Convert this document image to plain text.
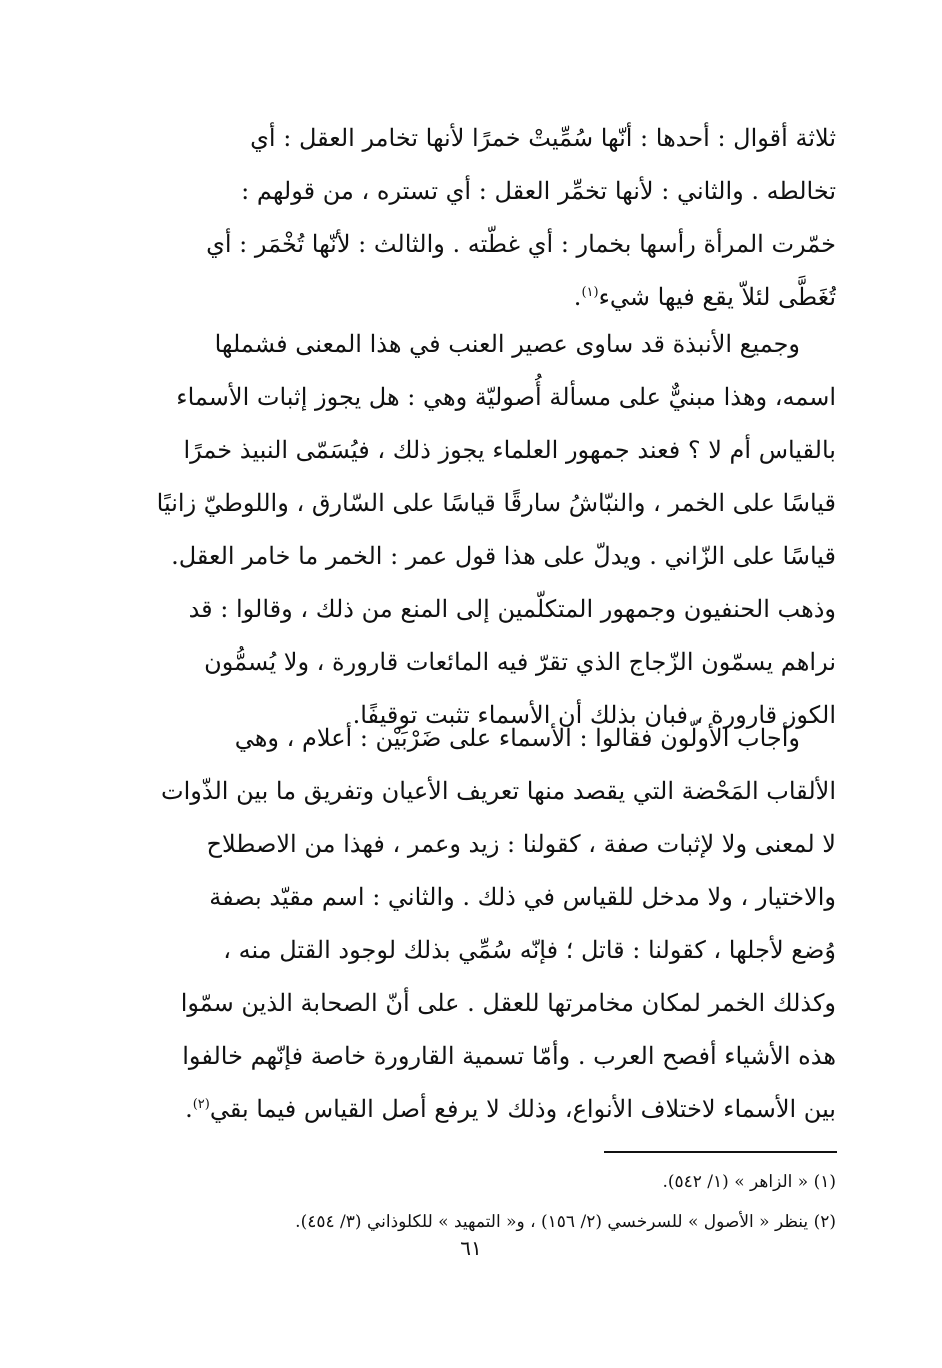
ثلاثة أقوال : أحدها : أنّها سُمِّيتْ خمرًا لأنها تخامر العقل : أي
تخالطه . والثاني : لأنها تخمِّر العقل : أي تستره ، من قولهم :
خمّرت المرأة رأسها بخمار : أي غطّته . والثالث : لأنّها تُخْمَر : أي
تُغَطَّى لئلاّ يقع فيها شيء$^{(١)}$.
وجميع الأنبذة قد ساوى عصير العنب في هذا المعنى فشملها
اسمه، وهذا مبنيٌّ على مسألة أُصوليّة وهي : هل يجوز إثبات الأسماء
بالقياس أم لا ؟ فعند جمهور العلماء يجوز ذلك ، فيُسَمّى النبيذ خمرًا
قياسًا على الخمر ، والنبّاشُ سارقًا قياسًا على السّارق ، واللوطيّ زانيًا
قياسًا على الزّاني . ويدلّ على هذا قول عمر : الخمر ما خامر العقل.
وذهب الحنفيون وجمهور المتكلّمين إلى المنع من ذلك ، وقالوا : قد
نراهم يسمّون الزّجاج الذي تقرّ فيه المائعات قارورة ، ولا يُسمُّون
الكوز قارورة ، فبان بذلك أن الأسماء تثبت توقيفًا.
وأجاب الأولّون فقالوا : الأسماء على ضَرْبَيْن : أعلام ، وهي
الألقاب المَحْضة التي يقصد منها تعريف الأعيان وتفريق ما بين الذّوات
لا لمعنى ولا لإثبات صفة ، كقولنا : زيد وعمر ، فهذا من الاصطلاح
والاختيار ، ولا مدخل للقياس في ذلك . والثاني : اسم مقيّد بصفة
وُضع لأجلها ، كقولنا : قاتل ؛ فإنّه سُمِّي بذلك لوجود القتل منه ،
وكذلك الخمر لمكان مخامرتها للعقل . على أنّ الصحابة الذين سمّوا
هذه الأشياء أفصح العرب . وأمّا تسمية القارورة خاصة فإنّهم خالفوا
بين الأسماء لاختلاف الأنواع، وذلك لا يرفع أصل القياس فيما بقي$^{(٢)}$.
(١) « الزاهر » (١/ ٥٤٢).
(٢) ينظر « الأصول » للسرخسي (٢/ ١٥٦) ، و« التمهيد » للكلوذاني (٣/ ٤٥٤).
٦١
